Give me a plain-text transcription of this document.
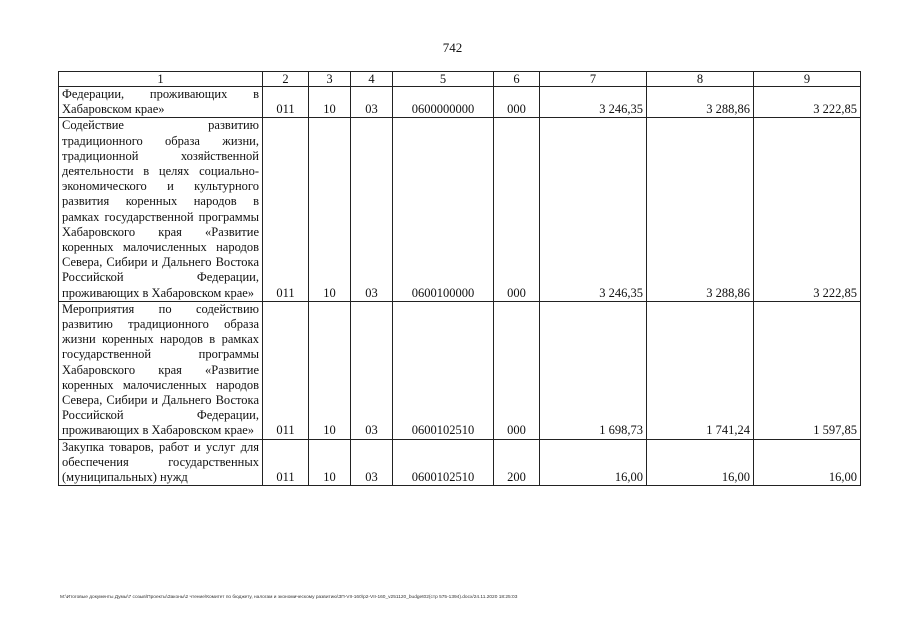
742
1	2	3	4	5	6	7	8	9
Федерации, проживающих в Хабаровском крае»	011	10	03	0600000000	000	3 246,35	3 288,86	3 222,85
Содействие развитию традиционного образа жизни, традиционной хозяйственной деятельности в целях социально-экономического и культурного развития коренных народов в рамках государственной программы Хабаровского края «Развитие коренных малочисленных народов Севера, Сибири и Дальнего Востока Российской Федерации, проживающих в Хабаровском крае»	011	10	03	0600100000	000	3 246,35	3 288,86	3 222,85
Мероприятия по содействию развитию традиционного образа жизни коренных народов в рамках государственной программы Хабаровского края «Развитие коренных малочисленных народов Севера, Сибири и Дальнего Востока Российской Федерации, проживающих в Хабаровском крае»	011	10	03	0600102510	000	1 698,73	1 741,24	1 597,85
Закупка товаров, работ и услуг для обеспечения государственных (муниципальных) нужд	011	10	03	0600102510	200	16,00	16,00	16,00
M:\Итоговые документы Думы\7 созыв\Проекты\Законы\2 чтение\Комитет по бюджету, налогам и экономическому развитию\ЗП-VII-160\р2-VII-160_v251120_budget02(стр 575-1394).docx/24.11.2020 18:25:03
